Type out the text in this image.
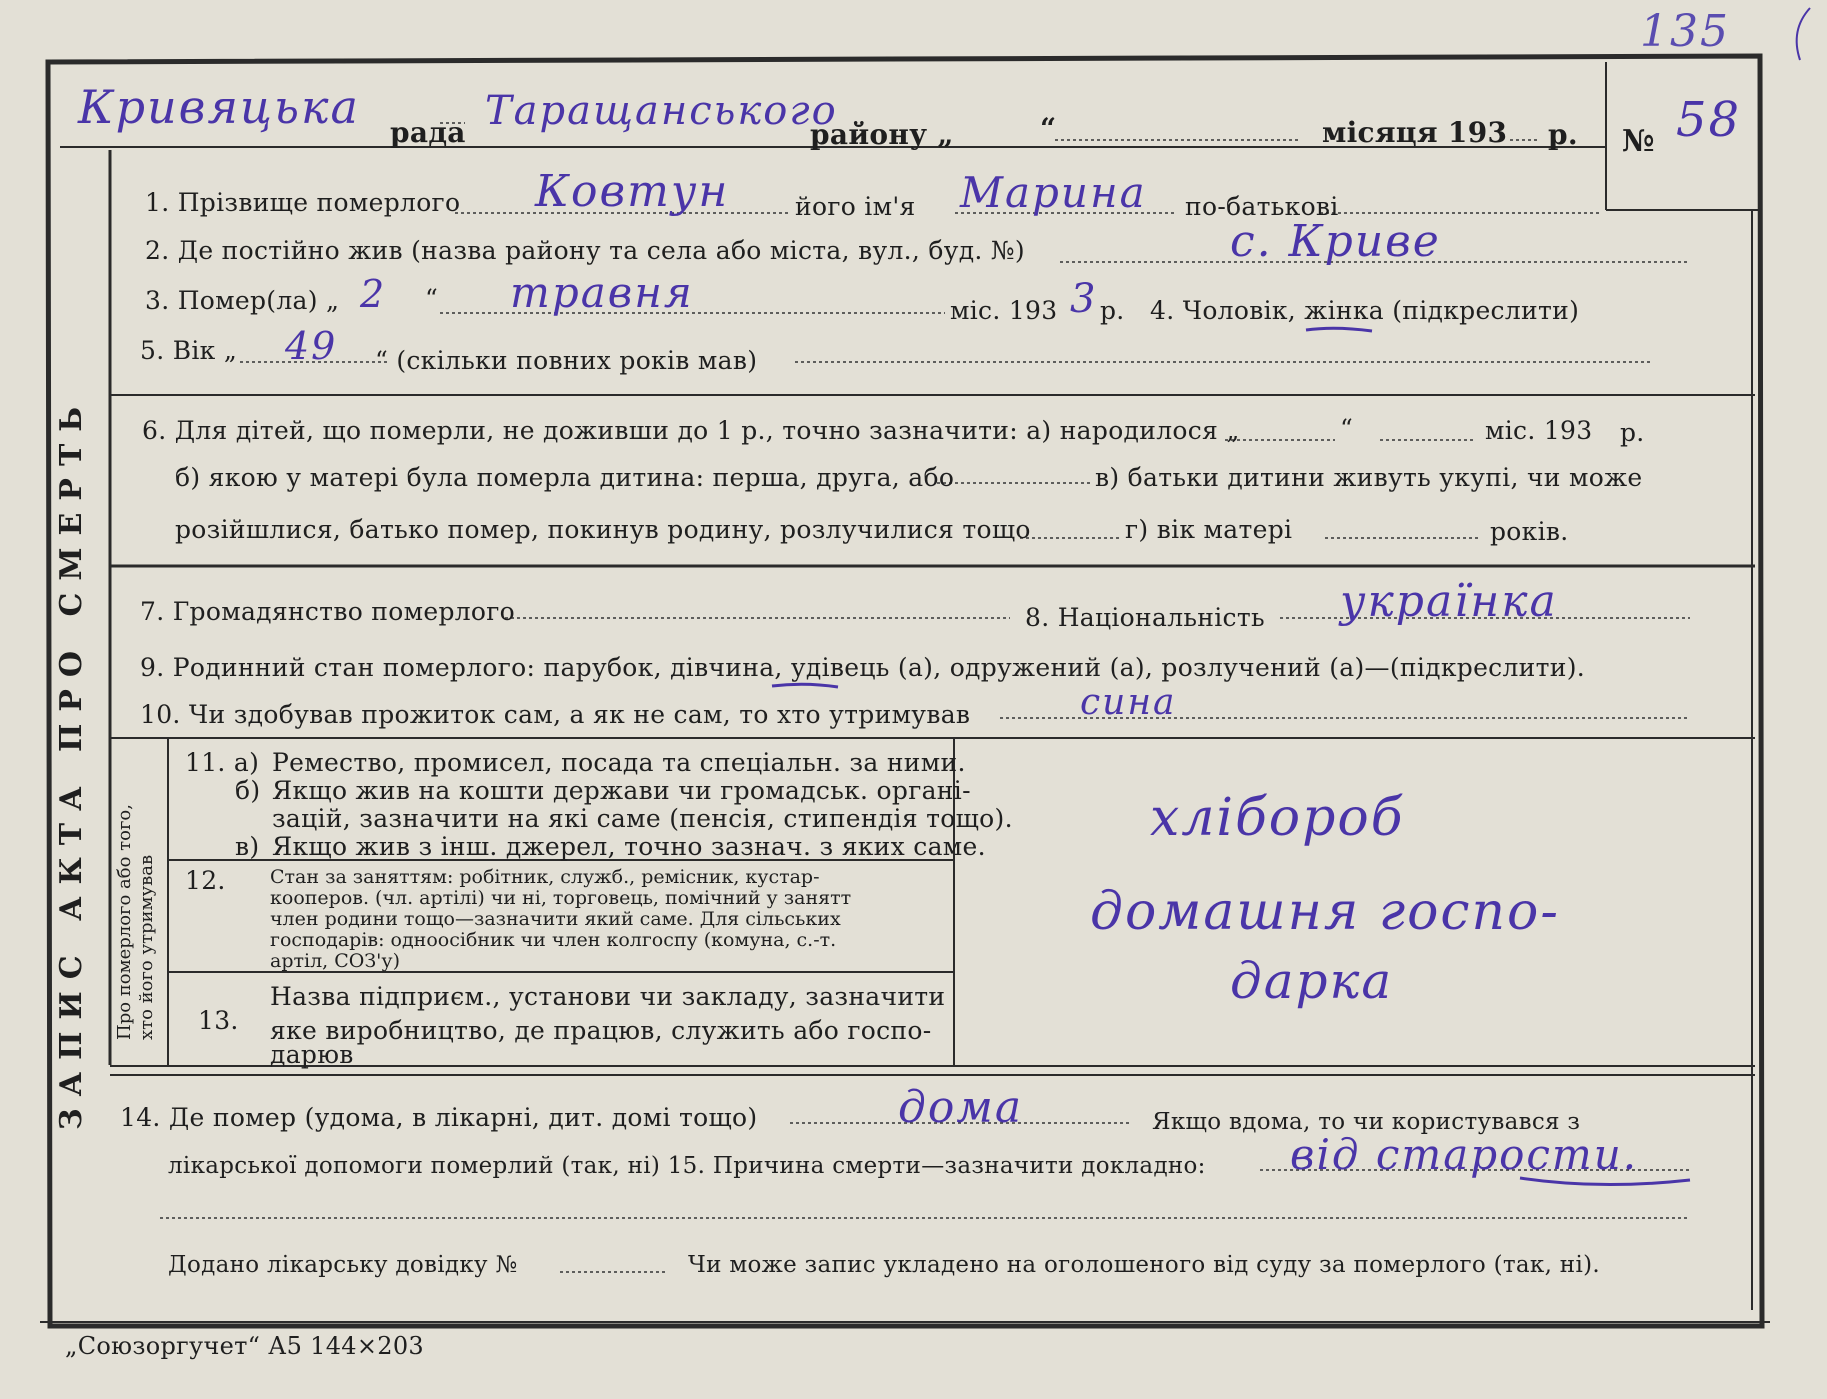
135
ЗАПИС АКТА ПРО СМЕРТЬ Про померлого або того, хто його утримував
Кривяцька рада Таращанського
району „	“	місяця 193 р. № 58
1. Прізвище померлого Ковтун	його ім'я Марина по-батькові
2. Де постійно жив (назва району та села або міста, вул., буд. №)	с. Криве
3. Помер(ла) „ 2 “ травня	міс. 193 3 р. 4. Чоловік, жінка (підкреслити)
5. Вік „ 49 “ (скільки повних років мав)
6. Для дітей, що померли, не доживши до 1 р., точно зазначити: а) народилося „	“	міс. 193 р.
б) якою у матері була померла дитина: перша, друга, або	в) батьки дитини живуть укупі, чи може
розійшлися, батько помер, покинув родину, розлучилися тощо	г) вік матері	років.
7. Громадянство померлого	8. Національність українка
9. Родинний стан померлого: парубок, дівчина, удівець (а), одружений (а), розлучений (а)—(підкреслити).
10. Чи здобував прожиток сам, а як не сам, то хто утримував	сина
11. а) Ремество, промисел, посада та спеціальн. за ними.
б) Якщо жив на кошти держави чи громадськ. органі-
зацій, зазначити на які саме (пенсія, стипендія тощо).
в) Якщо жив з інш. джерел, точно зазнач. з яких саме.	хлібороб
12. Стан за заняттям: робітник, служб., ремісник, кустар-
кооперов. (чл. артілі) чи ні, торговець, помічний у занятт
член родини тощо—зазначити який саме. Для сільських
господарів: одноосібник чи член колгоспу (комуна, с.-т.
артіл, СОЗ'у)
домашня госпо-
дарка
13.
Назва підприєм., установи чи закладу, зазначити
яке виробництво, де працюв, служить або госпо-
дарюв
14. Де помер (удома, в лікарні, дит. домі тощо)	дома	Якщо вдома, то чи користувався з
лікарської допомоги померлий (так, ні) 15. Причина смерти—зазначити докладно: від старости.
Додано лікарську довідку №	Чи може запис укладено на оголошеного від суду за померлого (так, ні).
„Союзоргучет“ А5 144×203
